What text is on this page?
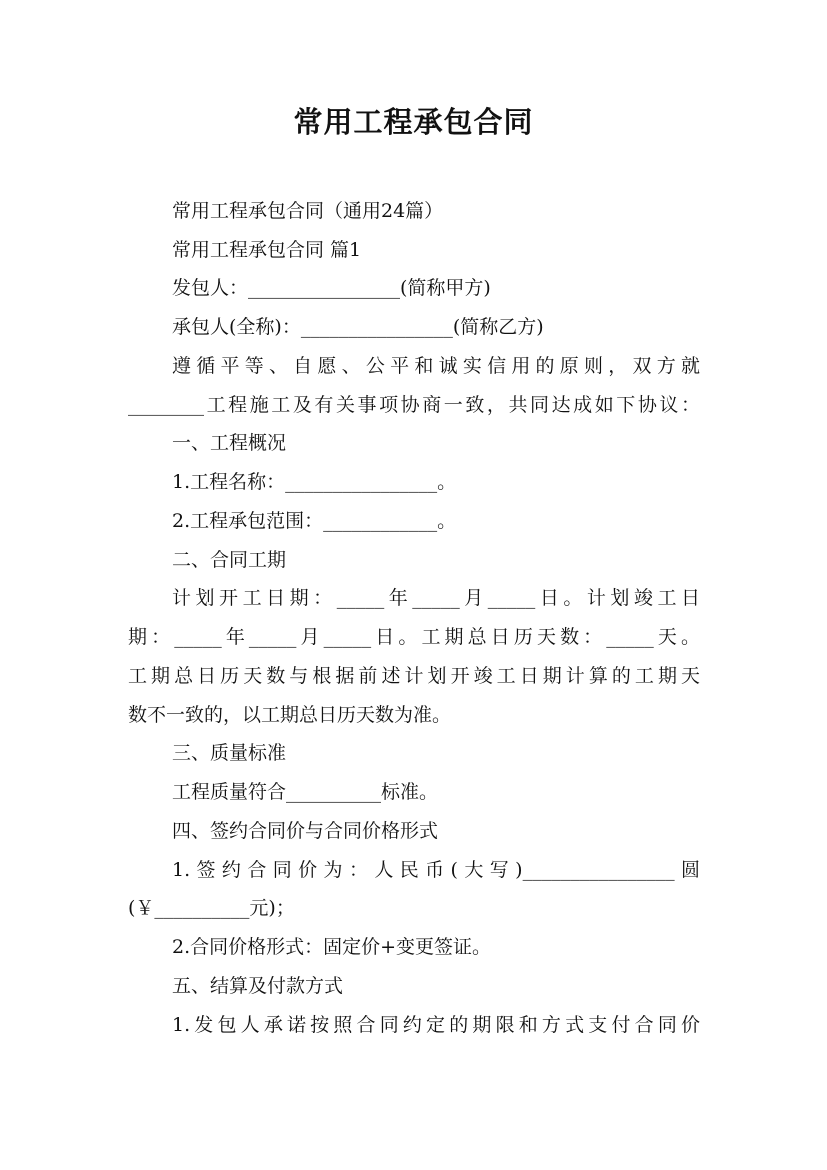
常用工程承包合同

常用工程承包合同（通用24篇）

常用工程承包合同 篇1

发包人：________________(简称甲方)

承包人(全称)：________________(简称乙方)

遵循平等、自愿、公平和诚实信用的原则，双方就

________工程施工及有关事项协商一致，共同达成如下协议：

一、工程概况

1.工程名称：________________。

2.工程承包范围：____________。

二、合同工期

计划开工日期：_____年_____月_____日。计划竣工日

期：_____年_____月_____日。工期总日历天数：_____天。

工期总日历天数与根据前述计划开竣工日期计算的工期天

数不一致的，以工期总日历天数为准。

三、质量标准

工程质量符合__________标准。

四、签约合同价与合同价格形式

1.签约合同价为：人民币(大写)________________圆

(￥__________元)；

2.合同价格形式：固定价+变更签证。

五、结算及付款方式

1.发包人承诺按照合同约定的期限和方式支付合同价
